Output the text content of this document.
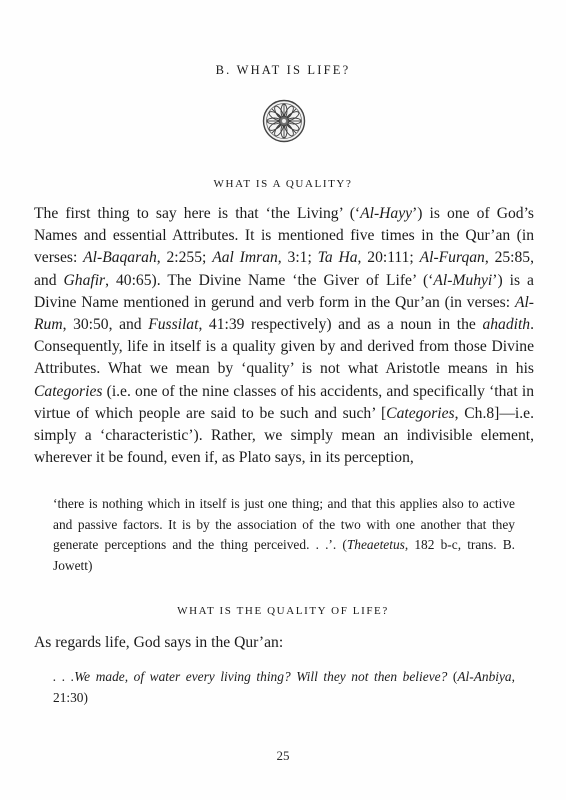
B. WHAT IS LIFE?
WHAT IS A QUALITY?
The first thing to say here is that ‘the Living’ (‘Al-Hayy’) is one of God’s Names and essential Attributes. It is mentioned five times in the Qur’an (in verses: Al-Baqarah, 2:255; Aal Imran, 3:1; Ta Ha, 20:111; Al-Furqan, 25:85, and Ghafir, 40:65). The Divine Name ‘the Giver of Life’ (‘Al-Muhyi’) is a Divine Name mentioned in gerund and verb form in the Qur’an (in verses: Al-Rum, 30:50, and Fussilat, 41:39 respectively) and as a noun in the ahadith. Consequently, life in itself is a quality given by and derived from those Divine Attributes. What we mean by ‘quality’ is not what Aristotle means in his Categories (i.e. one of the nine classes of his accidents, and specifically ‘that in virtue of which people are said to be such and such’ [Categories, Ch.8]—i.e. simply a ‘characteristic’). Rather, we simply mean an indivisible element, wherever it be found, even if, as Plato says, in its perception,
‘there is nothing which in itself is just one thing; and that this applies also to active and passive factors. It is by the association of the two with one another that they generate perceptions and the thing perceived. . .’. (Theaetetus, 182 b-c, trans. B. Jowett)
WHAT IS THE QUALITY OF LIFE?
As regards life, God says in the Qur’an:
. . .We made, of water every living thing? Will they not then believe? (Al-Anbiya, 21:30)
25
